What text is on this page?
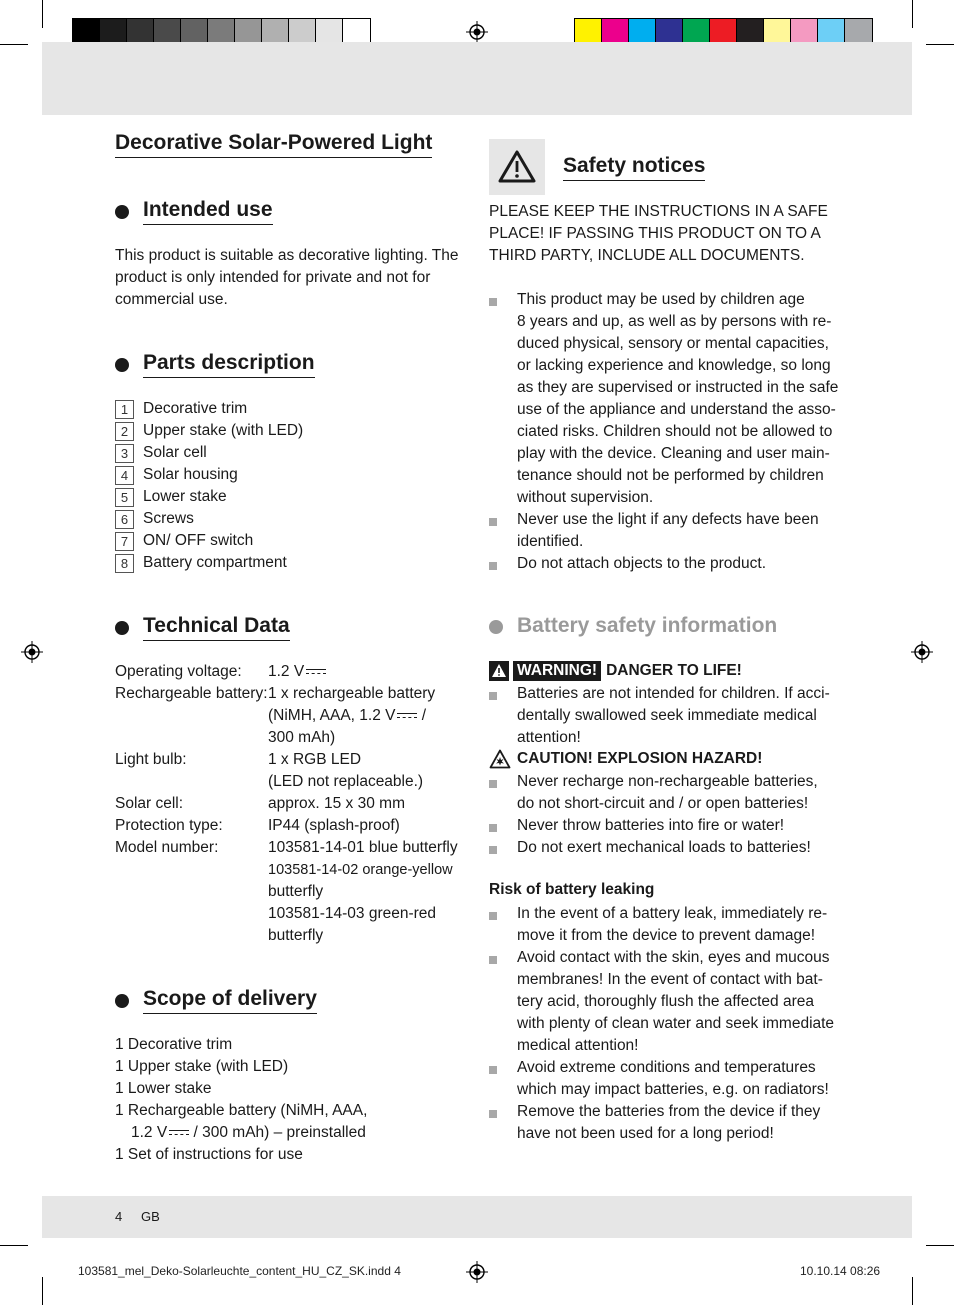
Decorative Solar-Powered Light
Intended use
This product is suitable as decorative lighting. The
product is only intended for private and not for
commercial use.
Parts description
1 Decorative trim
2 Upper stake (with LED)
3 Solar cell
4 Solar housing
5 Lower stake
6 Screws
7 ON/ OFF switch
8 Battery compartment
Technical Data
Operating voltage:	1.2 V
Rechargeable battery: 1 x rechargeable battery
(NiMH, AAA, 1.2 V /
300 mAh)
Light bulb:	1 x RGB LED
(LED not replaceable.)
Solar cell:	approx. 15 x 30 mm
Protection type:	IP44 (splash-proof)
Model number:	103581-14-01 blue butterfly
103581-14-02 orange-yellow
butterfly
103581-14-03 green-red
butterfly
Scope of delivery
1 Decorative trim
1 Upper stake (with LED)
1 Lower stake
1 Rechargeable battery (NiMH, AAA,
1.2 V / 300 mAh) – preinstalled
1 Set of instructions for use
Safety notices
PLEASE KEEP THE INSTRUCTIONS IN A SAFE
PLACE! IF PASSING THIS PRODUCT ON TO A
THIRD PARTY, INCLUDE ALL DOCUMENTS.
This product may be used by children age
8 years and up, as well as by persons with re-
duced physical, sensory or mental capacities,
or lacking experience and knowledge, so long
as they are supervised or instructed in the safe
use of the appliance and understand the asso-
ciated risks. Children should not be allowed to
play with the device. Cleaning and user main-
tenance should not be performed by children
without supervision.
Never use the light if any defects have been
identified.
Do not attach objects to the product.
Battery safety information
WARNING! DANGER TO LIFE!
Batteries are not intended for children. If acci-
dentally swallowed seek immediate medical
attention!
CAUTION! EXPLOSION HAZARD!
Never recharge non-rechargeable batteries,
do not short-circuit and / or open batteries!
Never throw batteries into fire or water!
Do not exert mechanical loads to batteries!
Risk of battery leaking
In the event of a battery leak, immediately re-
move it from the device to prevent damage!
Avoid contact with the skin, eyes and mucous
membranes! In the event of contact with bat-
tery acid, thoroughly flush the affected area
with plenty of clean water and seek immediate
medical attention!
Avoid extreme conditions and temperatures
which may impact batteries, e.g. on radiators!
Remove the batteries from the device if they
have not been used for a long period!
4 GB
103581_mel_Deko-Solarleuchte_content_HU_CZ_SK.indd 4	10.10.14 08:26
